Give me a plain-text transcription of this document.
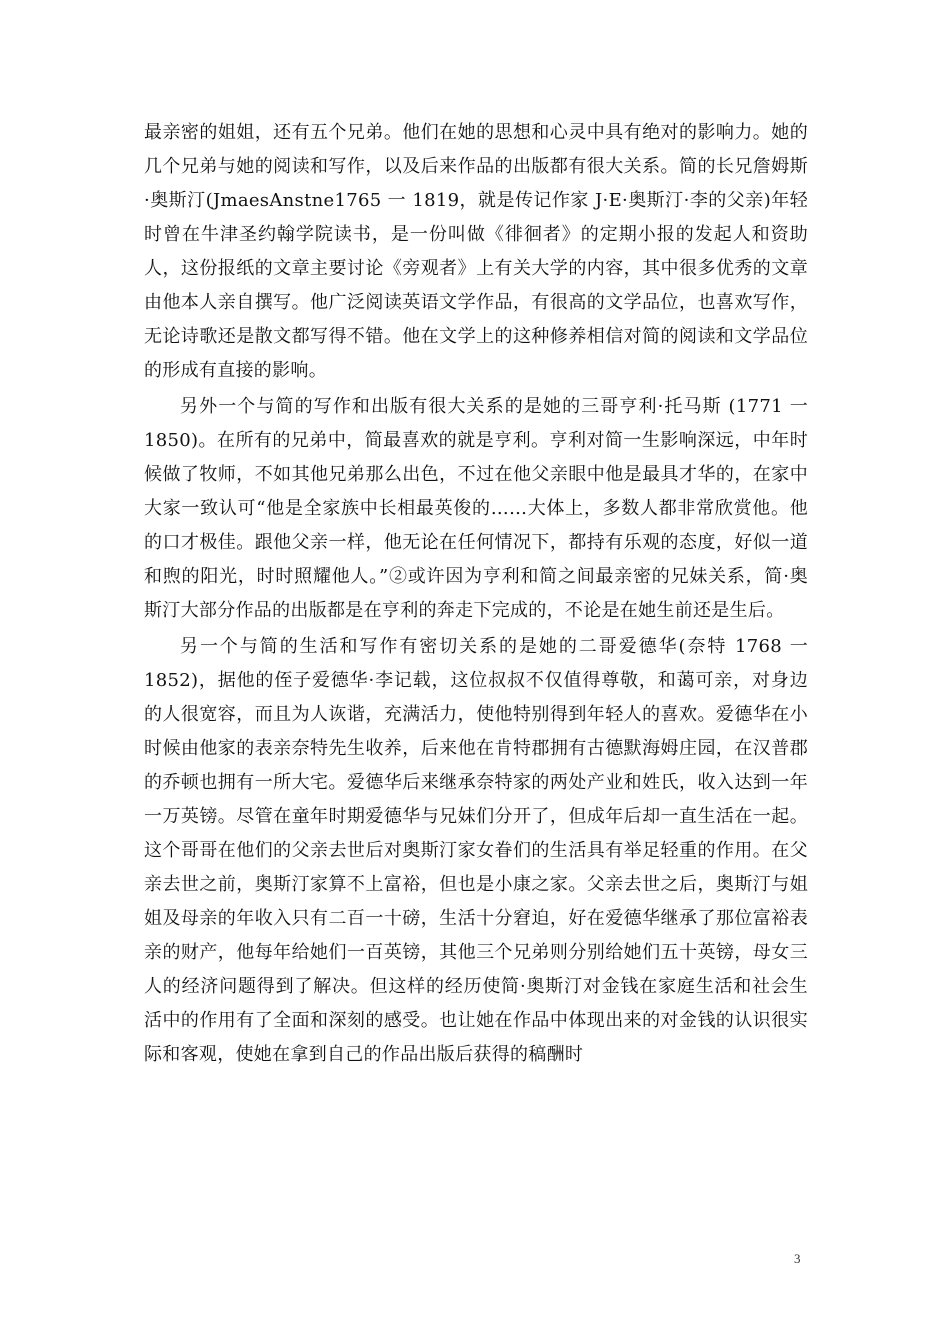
最亲密的姐姐，还有五个兄弟。他们在她的思想和心灵中具有绝对的影响力。她的几个兄弟与她的阅读和写作，以及后来作品的出版都有很大关系。简的长兄詹姆斯·奥斯汀(JmaesAnstne1765 一 1819，就是传记作家 J·E·奥斯汀·李的父亲)年轻时曾在牛津圣约翰学院读书，是一份叫做《徘徊者》的定期小报的发起人和资助人，这份报纸的文章主要讨论《旁观者》上有关大学的内容，其中很多优秀的文章由他本人亲自撰写。他广泛阅读英语文学作品，有很高的文学品位，也喜欢写作，无论诗歌还是散文都写得不错。他在文学上的这种修养相信对简的阅读和文学品位的形成有直接的影响。

另外一个与简的写作和出版有很大关系的是她的三哥亨利·托马斯 (1771 一 1850)。在所有的兄弟中，简最喜欢的就是亨利。亨利对简一生影响深远，中年时候做了牧师，不如其他兄弟那么出色，不过在他父亲眼中他是最具才华的，在家中大家一致认可“他是全家族中长相最英俊的……大体上，多数人都非常欣赏他。他的口才极佳。跟他父亲一样，他无论在任何情况下，都持有乐观的态度，好似一道和煦的阳光，时时照耀他人。”②或许因为亨利和简之间最亲密的兄妹关系，简·奥斯汀大部分作品的出版都是在亨利的奔走下完成的，不论是在她生前还是生后。

另一个与简的生活和写作有密切关系的是她的二哥爱德华(奈特 1768 一 1852)，据他的侄子爱德华·李记载，这位叔叔不仅值得尊敬，和蔼可亲，对身边的人很宽容，而且为人诙谐，充满活力，使他特别得到年轻人的喜欢。爱德华在小时候由他家的表亲奈特先生收养，后来他在肯特郡拥有古德默海姆庄园，在汉普郡的乔顿也拥有一所大宅。爱德华后来继承奈特家的两处产业和姓氏，收入达到一年一万英镑。尽管在童年时期爱德华与兄妹们分开了，但成年后却一直生活在一起。这个哥哥在他们的父亲去世后对奥斯汀家女眷们的生活具有举足轻重的作用。在父亲去世之前，奥斯汀家算不上富裕，但也是小康之家。父亲去世之后，奥斯汀与姐姐及母亲的年收入只有二百一十磅，生活十分窘迫，好在爱德华继承了那位富裕表亲的财产，他每年给她们一百英镑，其他三个兄弟则分别给她们五十英镑，母女三人的经济问题得到了解决。但这样的经历使简·奥斯汀对金钱在家庭生活和社会生活中的作用有了全面和深刻的感受。也让她在作品中体现出来的对金钱的认识很实际和客观，使她在拿到自己的作品出版后获得的稿酬时

3
